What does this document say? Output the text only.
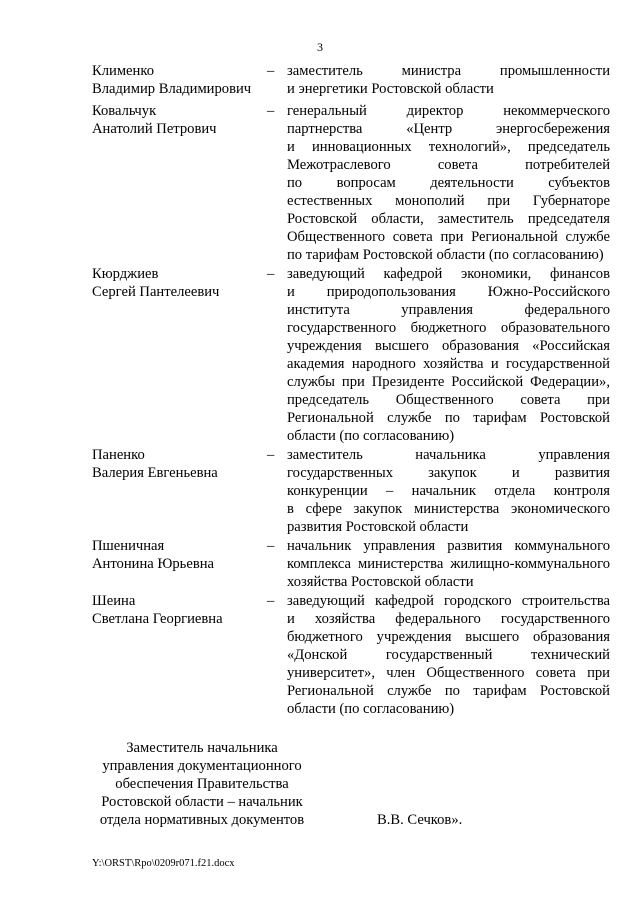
3
Клименко
Владимир Владимирович
– заместитель министра промышленности
и энергетики Ростовской области
Ковальчук
Анатолий Петрович
– генеральный директор некоммерческого
партнерства «Центр энергосбережения
и инновационных технологий», председатель
Межотраслевого совета потребителей
по вопросам деятельности субъектов
естественных монополий при Губернаторе
Ростовской области, заместитель председателя
Общественного совета при Региональной службе
по тарифам Ростовской области (по согласованию)
Кюрджиев
Сергей Пантелеевич
– заведующий кафедрой экономики, финансов
и природопользования Южно-Российского
института управления федерального
государственного бюджетного образовательного
учреждения высшего образования «Российская
академия народного хозяйства и государственной
службы при Президенте Российской Федерации»,
председатель Общественного совета при
Региональной службе по тарифам Ростовской
области (по согласованию)
Паненко
Валерия Евгеньевна
– заместитель начальника управления
государственных закупок и развития
конкуренции – начальник отдела контроля
в сфере закупок министерства экономического
развития Ростовской области
Пшеничная
Антонина Юрьевна
– начальник управления развития коммунального
комплекса министерства жилищно-коммунального
хозяйства Ростовской области
Шеина
Светлана Георгиевна
– заведующий кафедрой городского строительства
и хозяйства федерального государственного
бюджетного учреждения высшего образования
«Донской государственный технический
университет», член Общественного совета при
Региональной службе по тарифам Ростовской
области (по согласованию)
Заместитель начальника
управления документационного
обеспечения Правительства
Ростовской области – начальник
отдела нормативных документов	В.В. Сечков».
Y:\ORST\Rpo\0209r071.f21.docx
